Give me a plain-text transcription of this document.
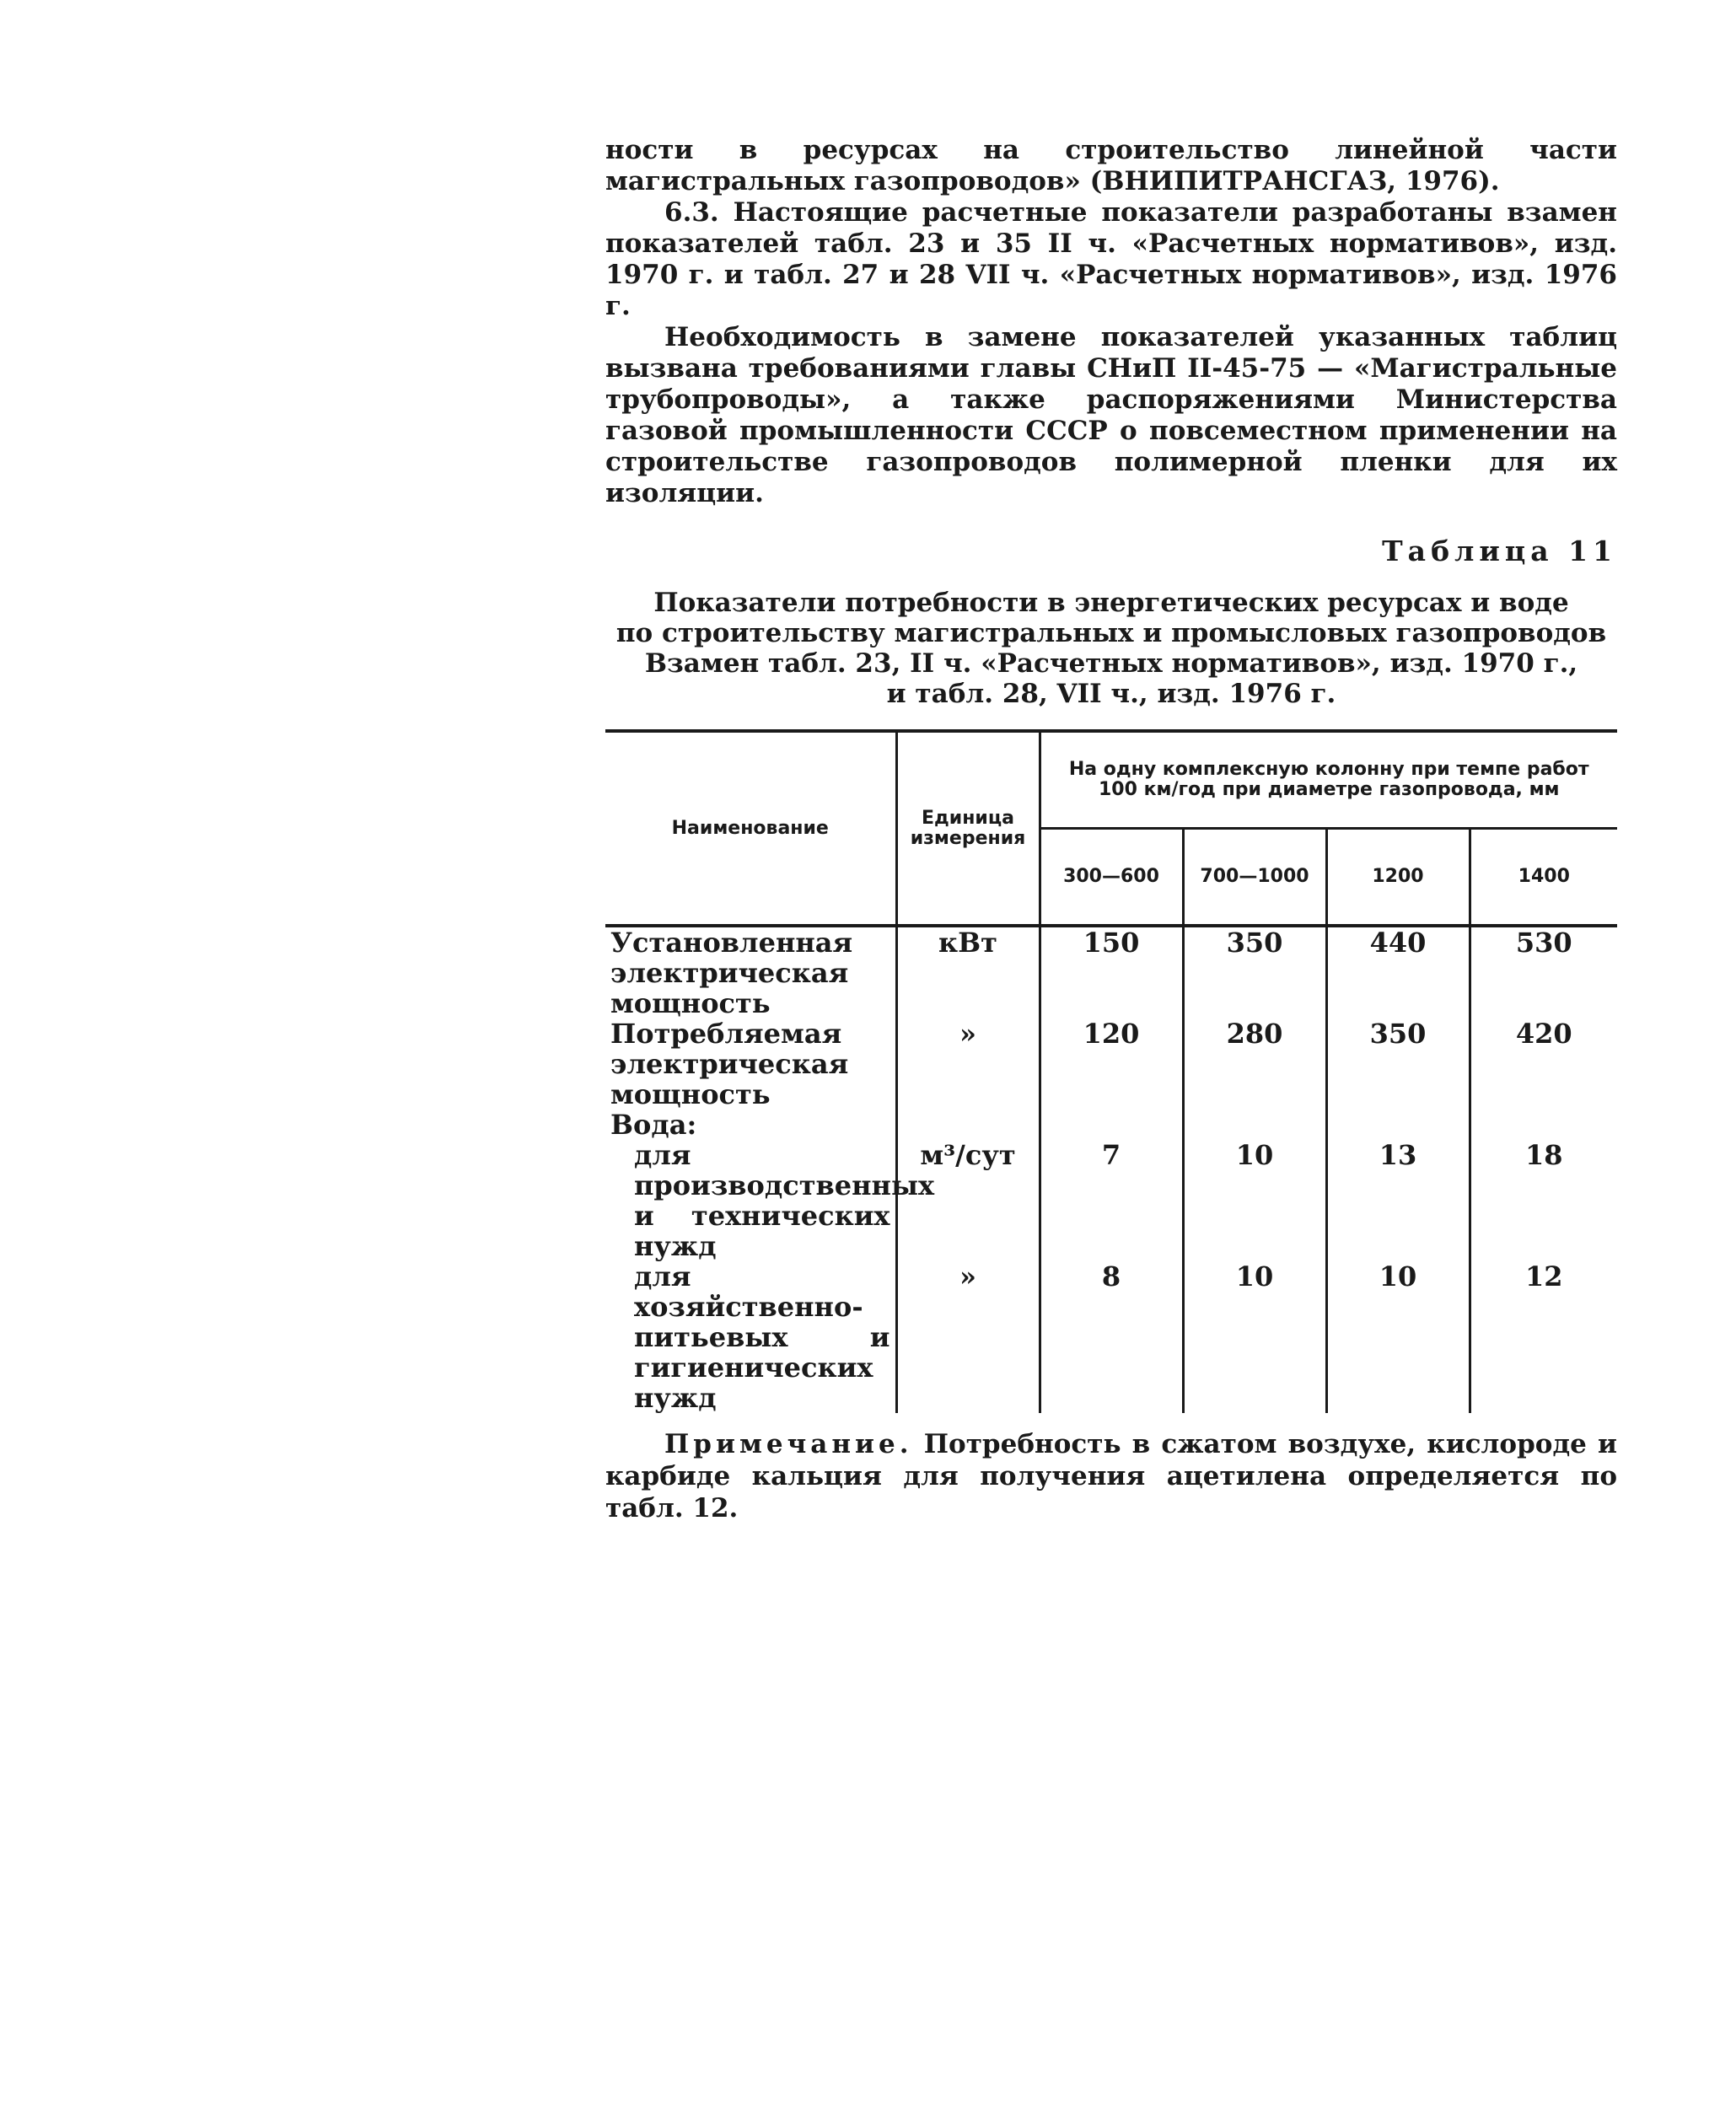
ности в ресурсах на строительство линейной части магистральных газопроводов» (ВНИПИТРАНСГАЗ, 1976).

6.3. Настоящие расчетные показатели разработаны взамен показателей табл. 23 и 35 II ч. «Расчетных нормативов», изд. 1970 г. и табл. 27 и 28 VII ч. «Расчетных нормативов», изд. 1976 г.

Необходимость в замене показателей указанных таблиц вызвана требованиями главы СНиП II-45-75 — «Магистральные трубопроводы», а также распоряжениями Министерства газовой промышленности СССР о повсеместном применении на строительстве газопроводов полимерной пленки для их изоляции.

Таблица 11
Показатели потребности в энергетических ресурсах и воде
по строительству магистральных и промысловых газопроводов
Взамен табл. 23, II ч. «Расчетных нормативов», изд. 1970 г.,
и табл. 28, VII ч., изд. 1976 г.
Наименование	Единица измерения	На одну комплексную колонну при темпе работ 100 км/год при диаметре газопровода, мм			
		300—600	700—1000	1200	1400
Установленная электрическая мощность	кВт	150	350	440	530
Потребляемая электрическая мощность	»	120	280	350	420
Вода:					
для производственных и технических нужд	м³/сут	7	10	13	18
для хозяйственно-питьевых и гигиенических нужд	»	8	10	10	12

Примечание. Потребность в сжатом воздухе, кислороде и карбиде кальция для получения ацетилена определяется по табл. 12.
